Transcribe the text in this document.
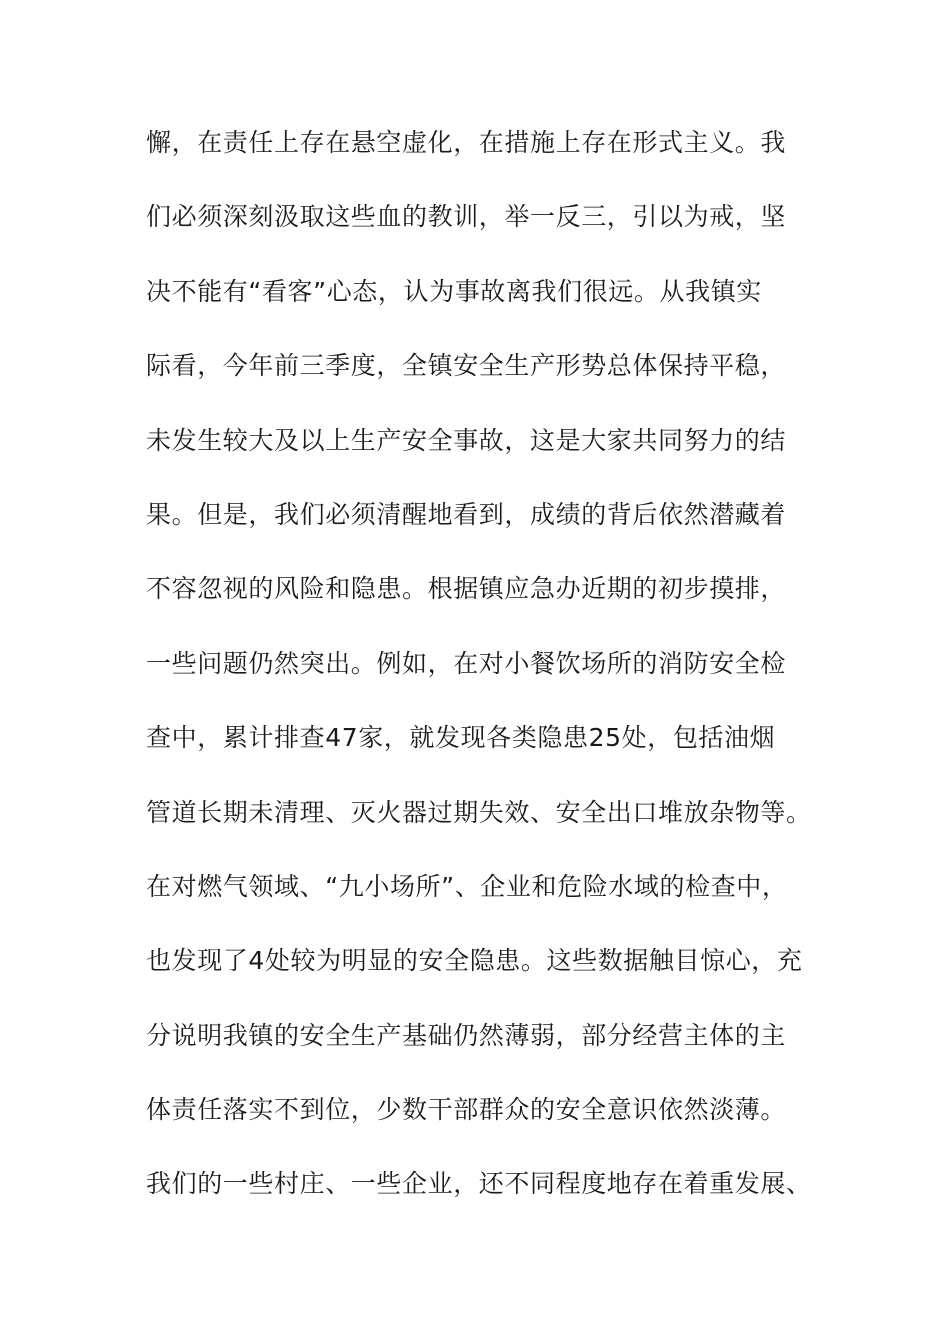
懈，在责任上存在悬空虚化，在措施上存在形式主义。我
们必须深刻汲取这些血的教训，举一反三，引以为戒，坚
决不能有“看客”心态，认为事故离我们很远。从我镇实
际看，今年前三季度，全镇安全生产形势总体保持平稳，
未发生较大及以上生产安全事故，这是大家共同努力的结
果。但是，我们必须清醒地看到，成绩的背后依然潜藏着
不容忽视的风险和隐患。根据镇应急办近期的初步摸排，
一些问题仍然突出。例如，在对小餐饮场所的消防安全检
查中，累计排查47家，就发现各类隐患25处，包括油烟
管道长期未清理、灭火器过期失效、安全出口堆放杂物等。
在对燃气领域、“九小场所”、企业和危险水域的检查中，
也发现了4处较为明显的安全隐患。这些数据触目惊心，充
分说明我镇的安全生产基础仍然薄弱，部分经营主体的主
体责任落实不到位，少数干部群众的安全意识依然淡薄。
我们的一些村庄、一些企业，还不同程度地存在着重发展、
